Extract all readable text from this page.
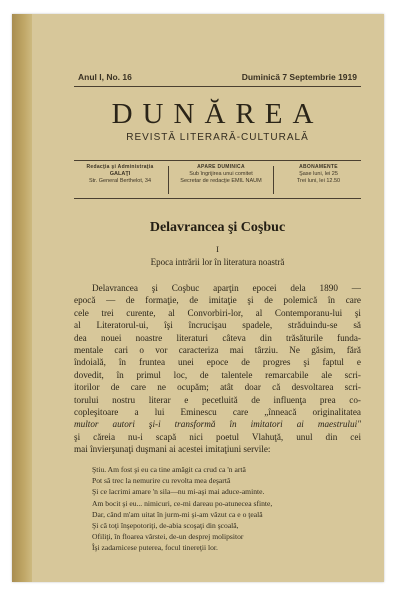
Anul I, No. 16	Duminică 7 Septembrie 1919
DUNĂREA
REVISTĂ LITERARĂ-CULTURALĂ
Redacţia şi Administraţia
GALAŢI
Str. General Berthelot, 34
APARE DUMINICA
Sub îngrijirea unui comitet
Secretar de redacţie EMIL NAUM
ABONAMENTE
Şase luni, lei 25
Trei luni, lei 12.50
Delavrancea şi Coşbuc
I
Epoca intrării lor în literatura noastră
Delavrancea şi Coşbuc aparţin epocei dela 1890 —
epocă — de formaţie, de imitaţie şi de polemică în care
cele trei curente, al Convorbiri-lor, al Contemporanu-lui şi
al Literatorul-ui, îşi încrucişau spadele, străduindu-se să
dea nouei noastre literaturi câteva din trăsăturile funda-
mentale cari o vor caracteriza mai târziu. Ne găsim, fără
îndoială, în fruntea unei epoce de progres şi faptul e
dovedit, în primul loc, de talentele remarcabile ale scri-
itorilor de care ne ocupăm; atât doar că desvoltarea scri-
torului nostru literar e pecetluită de influenţa prea co-
copleşitoare a lui Eminescu care „înneacă originalitatea
multor autori şi-i transformă în imitatori ai maestrului"
şi căreia nu-i scapă nici poetul Vlahuţă, unul din cei
mai învierşunaţi duşmani ai acestei imitaţiuni servile:
Ştiu. Am fost şi eu ca tine amăgit ca crud ca 'n artă
Pot să trec la nemurire cu revolta mea deşartă
Şi ce lacrimi amare 'n sila—nu mi-aşi mai aduce-aminte.
Am bocit şi eu... nimicuri, ce-mi dareau po-atunecea sfinte,
Dar, când m'am uitat în jurm-mi şi-am văzut ca e o ţeală
Şi că toţi înşepotoriţi, de-abia scoşaţi din şcoală,
Ofiliţi, în floarea vârstei, de-un desprej molipsitor
Îşi zadarnicese puterea, focul tinereţii lor.
